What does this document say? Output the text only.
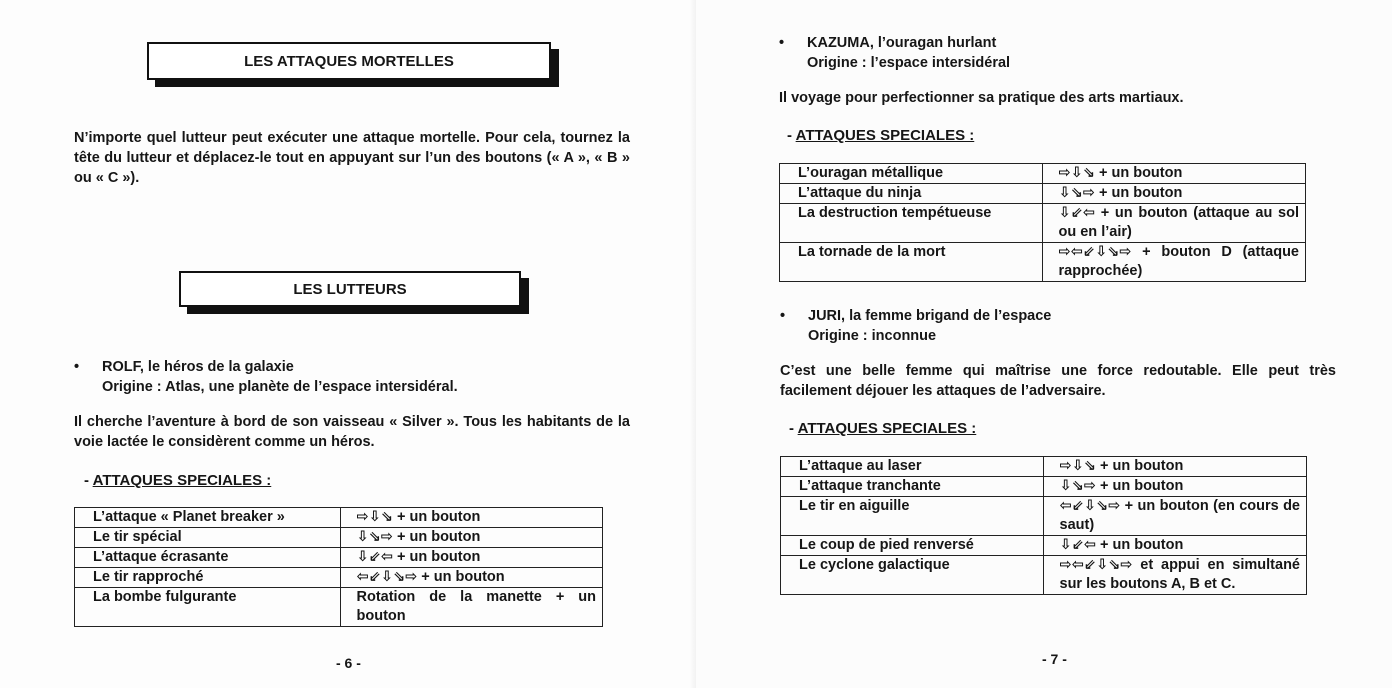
LES ATTAQUES MORTELLES
N’importe quel lutteur peut exécuter une attaque mortelle. Pour cela, tournez la tête du lutteur et déplacez-le tout en appuyant sur l’un des boutons (« A », « B » ou « C »).
LES LUTTEURS
• ROLF, le héros de la galaxie
Origine : Atlas, une planète de l’espace intersidéral.
Il cherche l’aventure à bord de son vaisseau « Silver ». Tous les habitants de la voie lactée le considèrent comme un héros.
- ATTAQUES SPECIALES :
L’attaque « Planet breaker »	⇨⇩⇘ + un bouton
Le tir spécial	⇩⇘⇨ + un bouton
L’attaque écrasante	⇩⇙⇦ + un bouton
Le tir rapproché	⇦⇙⇩⇘⇨ + un bouton
La bombe fulgurante	Rotation de la manette + un bouton
- 6 -
• KAZUMA, l’ouragan hurlant
Origine : l’espace intersidéral
Il voyage pour perfectionner sa pratique des arts martiaux.
- ATTAQUES SPECIALES :
L’ouragan métallique	⇨⇩⇘ + un bouton
L’attaque du ninja	⇩⇘⇨ + un bouton
La destruction tempétueuse	⇩⇙⇦ + un bouton (attaque au sol ou en l’air)
La tornade de la mort	⇨⇦⇙⇩⇘⇨ + bouton D (attaque rapprochée)
• JURI, la femme brigand de l’espace
Origine : inconnue
C’est une belle femme qui maîtrise une force redoutable. Elle peut très facilement déjouer les attaques de l’adversaire.
- ATTAQUES SPECIALES :
L’attaque au laser	⇨⇩⇘ + un bouton
L’attaque tranchante	⇩⇘⇨ + un bouton
Le tir en aiguille	⇦⇙⇩⇘⇨ + un bouton (en cours de saut)
Le coup de pied renversé	⇩⇙⇦ + un bouton
Le cyclone galactique	⇨⇦⇙⇩⇘⇨ et appui en simultané sur les boutons A, B et C.
- 7 -
